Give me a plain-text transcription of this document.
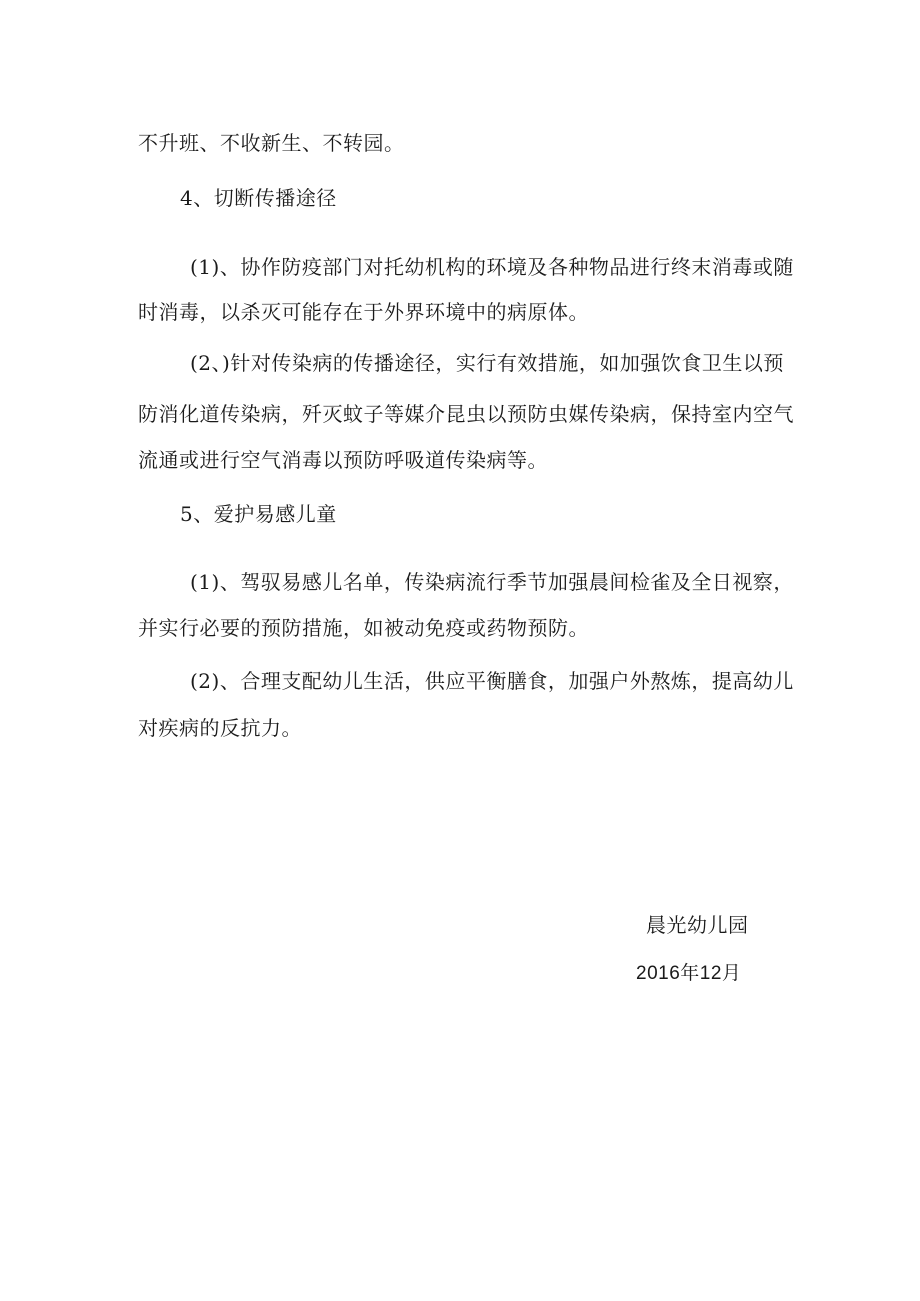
不升班、不收新生、不转园。
4、切断传播途径
(1)、协作防疫部门对托幼机构的环境及各种物品进行终末消毒或随
时消毒，以杀灭可能存在于外界环境中的病原体。
(2、)针对传染病的传播途径，实行有效措施，如加强饮食卫生以预
防消化道传染病，歼灭蚊子等媒介昆虫以预防虫媒传染病，保持室内空气
流通或进行空气消毒以预防呼吸道传染病等。
5、爱护易感儿童
(1)、驾驭易感儿名单，传染病流行季节加强晨间检雀及全日视察，
并实行必要的预防措施，如被动免疫或药物预防。
(2)、合理支配幼儿生活，供应平衡膳食，加强户外熬炼，提高幼儿
对疾病的反抗力。
晨光幼儿园
2016年12月
